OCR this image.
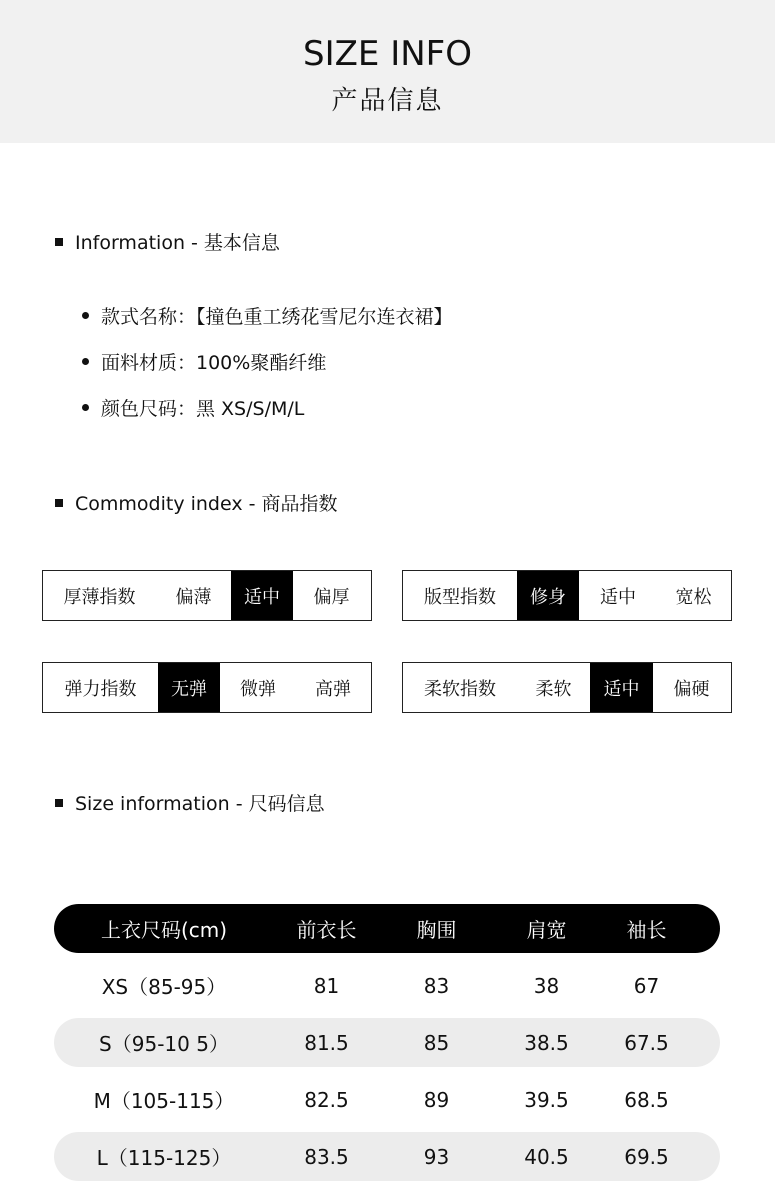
SIZE INFO
产品信息
Information - 基本信息
款式名称：【撞色重工绣花雪尼尔连衣裙】
面料材质：100%聚酯纤维
颜色尺码：黑 XS/S/M/L
Commodity index - 商品指数
厚薄指数	偏薄	适中	偏厚	版型指数	修身	适中	宽松
弹力指数	无弹	微弹	高弹	柔软指数	柔软	适中	偏硬
Size information - 尺码信息
上衣尺码(cm)	前衣长	胸围	肩宽	袖长
XS（85-95）	81	83	38	67
S（95-10 5）	81.5	85	38.5	67.5
M（105-115）	82.5	89	39.5	68.5
L（115-125）	83.5	93	40.5	69.5
